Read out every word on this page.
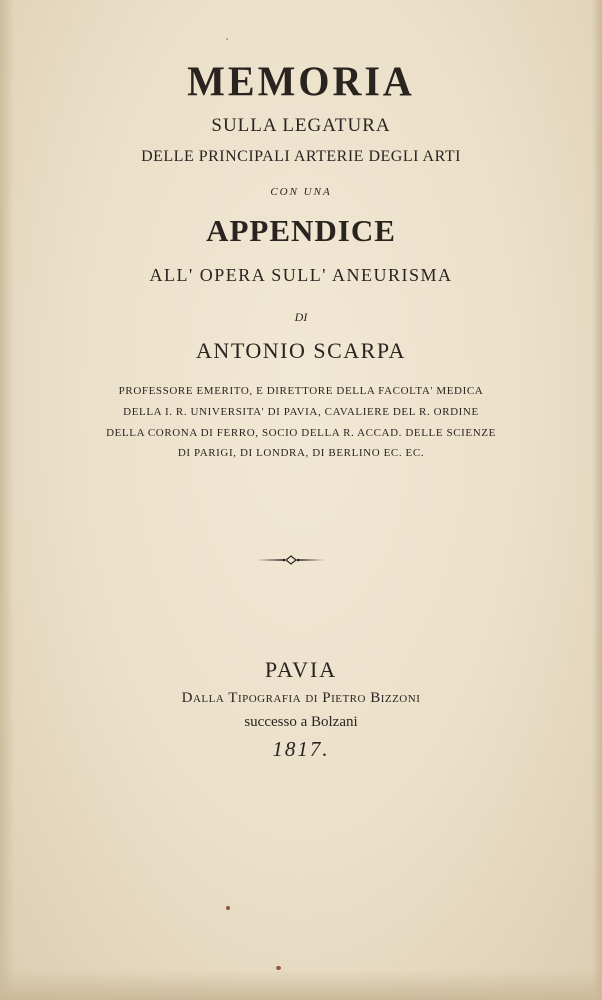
MEMORIA
SULLA LEGATURA
DELLE PRINCIPALI ARTERIE DEGLI ARTI
CON UNA
APPENDICE
ALL' OPERA SULL' ANEURISMA
DI
ANTONIO SCARPA
PROFESSORE EMERITO, E DIRETTORE DELLA FACOLTA' MEDICA
DELLA I. R. UNIVERSITA' DI PAVIA, CAVALIERE DEL R. ORDINE
DELLA CORONA DI FERRO, SOCIO DELLA R. ACCAD. DELLE SCIENZE
DI PARIGI, DI LONDRA, DI BERLINO EC. EC.
PAVIA
Dalla Tipografia di Pietro Bizzoni
successo a Bolzani
1817.
